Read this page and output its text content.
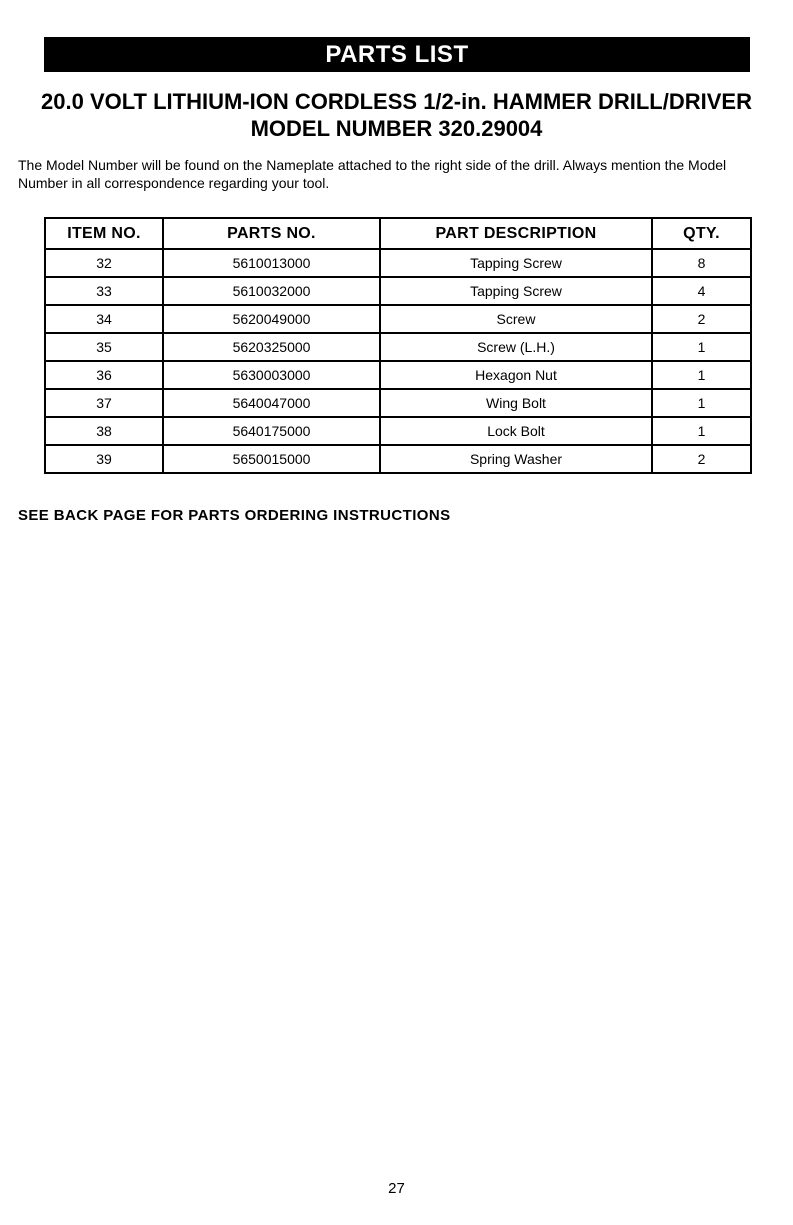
PARTS LIST
20.0 VOLT LITHIUM-ION CORDLESS 1/2-in. HAMMER DRILL/DRIVER
MODEL NUMBER 320.29004
The Model Number will be found on the Nameplate attached to the right side of the drill. Always mention the Model Number in all correspondence regarding your tool.
ITEM NO.	PARTS NO.	PART DESCRIPTION	QTY.
32	5610013000	Tapping Screw	8
33	5610032000	Tapping Screw	4
34	5620049000	Screw	2
35	5620325000	Screw (L.H.)	1
36	5630003000	Hexagon Nut	1
37	5640047000	Wing Bolt	1
38	5640175000	Lock Bolt	1
39	5650015000	Spring Washer	2
SEE BACK PAGE FOR PARTS ORDERING INSTRUCTIONS
27
